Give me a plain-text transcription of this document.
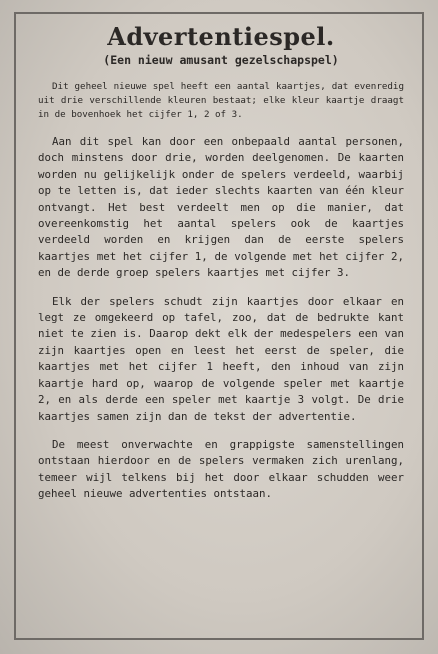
Advertentiespel.

(Een nieuw amusant gezelschapspel)

Dit geheel nieuwe spel heeft een aantal kaartjes, dat evenredig uit drie verschillende kleuren bestaat; elke kleur kaartje draagt in de bovenhoek het cijfer 1, 2 of 3.

Aan dit spel kan door een onbepaald aantal personen, doch minstens door drie, worden deelgenomen. De kaarten worden nu gelijkelijk onder de spelers verdeeld, waarbij op te letten is, dat ieder slechts kaarten van één kleur ontvangt. Het best verdeelt men op die manier, dat overeenkomstig het aantal spelers ook de kaartjes verdeeld worden en krijgen dan de eerste spelers kaartjes met het cijfer 1, de volgende met het cijfer 2, en de derde groep spelers kaartjes met cijfer 3.

Elk der spelers schudt zijn kaartjes door elkaar en legt ze omgekeerd op tafel, zoo, dat de bedrukte kant niet te zien is. Daarop dekt elk der medespelers een van zijn kaartjes open en leest het eerst de speler, die kaartjes met het cijfer 1 heeft, den inhoud van zijn kaartje hard op, waarop de volgende speler met kaartje 2, en als derde een speler met kaartje 3 volgt. De drie kaartjes samen zijn dan de tekst der advertentie.

De meest onverwachte en grappigste samenstellingen ontstaan hierdoor en de spelers vermaken zich urenlang, temeer wijl telkens bij het door elkaar schudden weer geheel nieuwe advertenties ontstaan.
